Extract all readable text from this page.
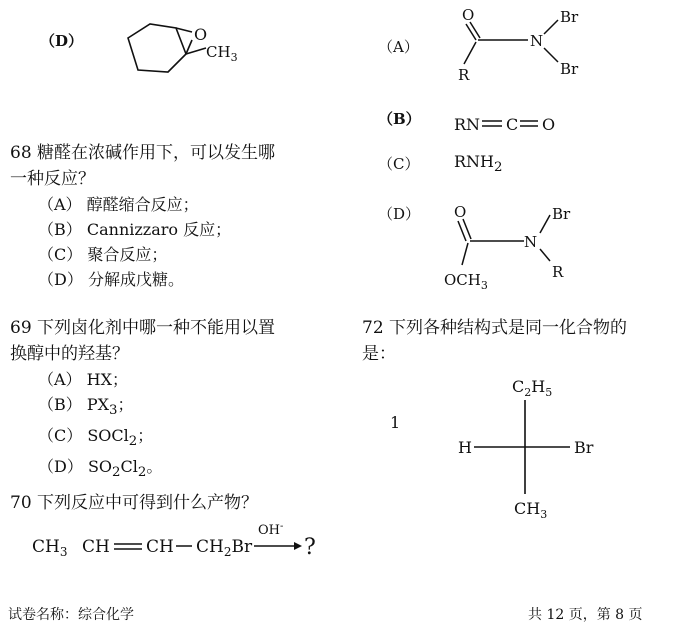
（D）	O
$CH_3$
68 糖醛在浓碱作用下，可以发生哪
一种反应？
（A） 醇醛缩合反应；
（B） Cannizzaro 反应；
（C） 聚合反应；
（D） 分解成戊糖。
69 下列卤化剂中哪一种不能用以置
换醇中的羟基？
（A） HX；
（B） $PX_3$；
（C） SOCl$_2$；
（D） $SO_2Cl_2$。
70 下列反应中可得到什么产物？
$CH_3$ CH CH $CH_2Br$
OH-
?
（A）
O
N
Br
Br
R
（B） RN C O
（C） $RNH_2$
（D） O
N
Br
R
$OCH_3$
72 下列各种结构式是同一化合物的
是：
1
$C_2H_5$
H	Br
$CH_3$
试卷名称：综合化学	共 12 页，第 8 页
